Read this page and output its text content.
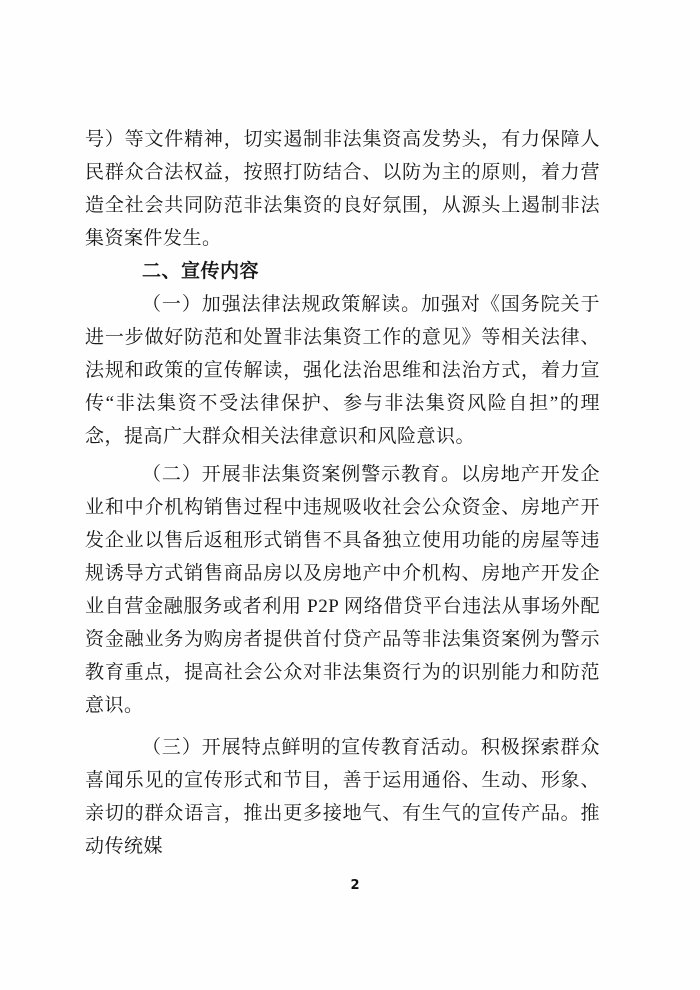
号）等文件精神，切实遏制非法集资高发势头，有力保障人民群众合法权益，按照打防结合、以防为主的原则，着力营造全社会共同防范非法集资的良好氛围，从源头上遏制非法集资案件发生。

二、宣传内容

（一）加强法律法规政策解读。加强对《国务院关于进一步做好防范和处置非法集资工作的意见》等相关法律、法规和政策的宣传解读，强化法治思维和法治方式，着力宣传“非法集资不受法律保护、参与非法集资风险自担”的理念，提高广大群众相关法律意识和风险意识。

（二）开展非法集资案例警示教育。以房地产开发企业和中介机构销售过程中违规吸收社会公众资金、房地产开发企业以售后返租形式销售不具备独立使用功能的房屋等违规诱导方式销售商品房以及房地产中介机构、房地产开发企业自营金融服务或者利用 P2P 网络借贷平台违法从事场外配资金融业务为购房者提供首付贷产品等非法集资案例为警示教育重点，提高社会公众对非法集资行为的识别能力和防范意识。

（三）开展特点鲜明的宣传教育活动。积极探索群众喜闻乐见的宣传形式和节目，善于运用通俗、生动、形象、亲切的群众语言，推出更多接地气、有生气的宣传产品。推动传统媒

2
